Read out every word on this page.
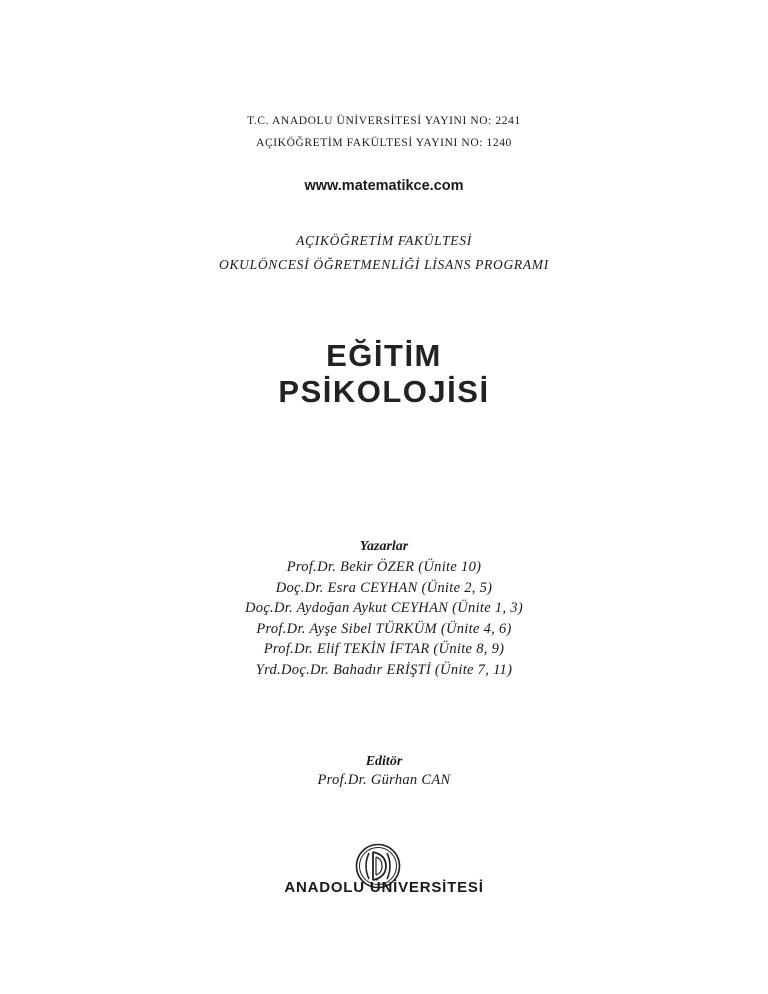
T.C. ANADOLU ÜNİVERSİTESİ YAYINI NO: 2241
AÇIKÖĞRETİM FAKÜLTESİ YAYINI NO: 1240
www.matematikce.com
AÇIKÖĞRETİM FAKÜLTESİ
OKULÖNCESİ ÖĞRETMENLİĞİ LİSANS PROGRAMI
EĞİTİM
PSİKOLOJİSİ
Yazarlar
Prof.Dr. Bekir ÖZER (Ünite 10)
Doç.Dr. Esra CEYHAN (Ünite 2, 5)
Doç.Dr. Aydoğan Aykut CEYHAN (Ünite 1, 3)
Prof.Dr. Ayşe Sibel TÜRKÜM (Ünite 4, 6)
Prof.Dr. Elif TEKİN İFTAR (Ünite 8, 9)
Yrd.Doç.Dr. Bahadır ERİŞTİ (Ünite 7, 11)
Editör
Prof.Dr. Gürhan CAN
ANADOLU ÜNİVERSİTESİ
